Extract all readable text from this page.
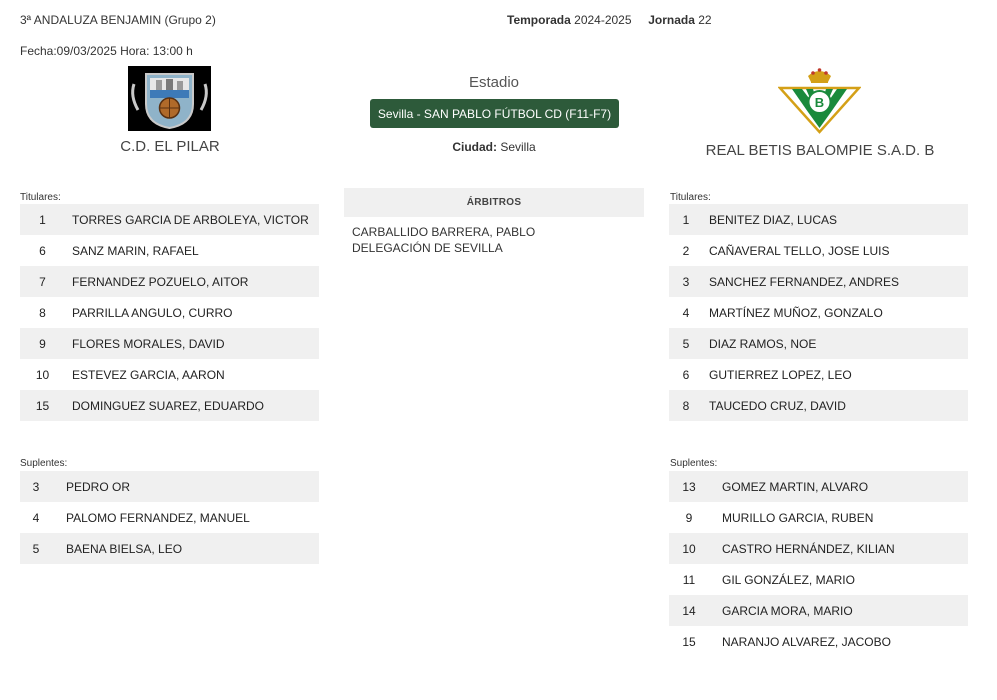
3ª ANDALUZA BENJAMIN (Grupo 2)	Temporada 2024-2025 Jornada 22
Fecha:09/03/2025 Hora: 13:00 h
C.D. EL PILAR
Estadio
Sevilla - SAN PABLO FÚTBOL CD (F11-F7)
Ciudad: Sevilla
B
REAL BETIS BALOMPIE S.A.D. B
Titulares:
1	TORRES GARCIA DE ARBOLEYA, VICTOR
6	SANZ MARIN, RAFAEL
7	FERNANDEZ POZUELO, AITOR
8	PARRILLA ANGULO, CURRO
9	FLORES MORALES, DAVID
10	ESTEVEZ GARCIA, AARON
15	DOMINGUEZ SUAREZ, EDUARDO
Suplentes:
3	PEDRO OR
4	PALOMO FERNANDEZ, MANUEL
5	BAENA BIELSA, LEO
ÁRBITROS
CARBALLIDO BARRERA, PABLO
DELEGACIÓN DE SEVILLA
Titulares:
1	BENITEZ DIAZ, LUCAS
2	CAÑAVERAL TELLO, JOSE LUIS
3	SANCHEZ FERNANDEZ, ANDRES
4	MARTÍNEZ MUÑOZ, GONZALO
5	DIAZ RAMOS, NOE
6	GUTIERREZ LOPEZ, LEO
8	TAUCEDO CRUZ, DAVID
Suplentes:
13	GOMEZ MARTIN, ALVARO
9	MURILLO GARCIA, RUBEN
10	CASTRO HERNÁNDEZ, KILIAN
11	GIL GONZÁLEZ, MARIO
14	GARCIA MORA, MARIO
15	NARANJO ALVAREZ, JACOBO
